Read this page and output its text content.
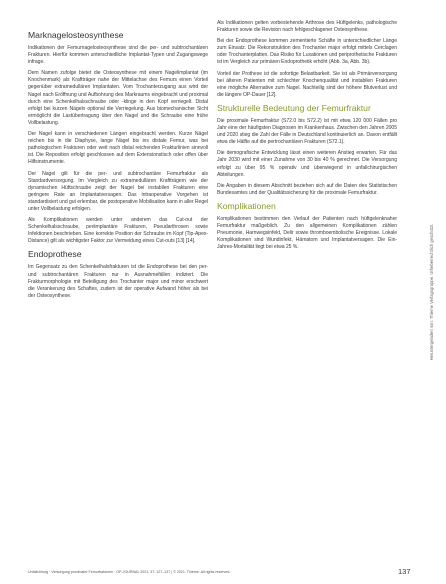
Marknagelosteosynthese

Indikationen der Femurnagelosteosynthese sind die per- und subtrochantären Frakturen. Hierfür kommen unterschiedliche Implantat-Typen und Zugangswege infrage.

Dem Namen zufolge bietet die Osteosynthese mit einem Nagelimplantat (im Knochenmark) als Kraftträger nahe der Mittelachse des Femurs einen Vorteil gegenüber extramedullären Implantaten. Vom Trochanterzugang aus wird der Nagel nach Eröffnung und Aufbohrung des Markraums eingebracht und proximal durch eine Schenkelhalsschraube oder -klinge in den Kopf verriegelt. Distal erfolgt bei kurzen Nägeln optional die Verriegelung. Aus biomechanischer Sicht ermöglicht die Lastübertragung über den Nagel und die Schraube eine frühe Vollbelastung.

Der Nagel kann in verschiedenen Längen eingebracht werden. Kurze Nägel reichen bis in die Diaphyse, lange Nägel bis ins distale Femur, was bei pathologischen Frakturen oder weit nach distal reichenden Frakturlinien sinnvoll ist. Die Reposition erfolgt geschlossen auf dem Extensionstisch oder offen über Hilfsinstrumente.

Der Nagel gilt für die per- und subtrochantäre Femurfraktur als Standardversorgung. Im Vergleich zu extramedullären Kraftträgern wie der dynamischen Hüftschraube zeigt der Nagel bei instabilen Frakturen eine geringere Rate an Implantatversagen. Das intraoperative Vorgehen ist standardisiert und gut erlernbar, die postoperative Mobilisation kann in aller Regel unter Vollbelastung erfolgen.

Als Komplikationen werden unter anderem das Cut-out der Schenkelhalsschraube, periimplantäre Frakturen, Pseudarthrosen sowie Infektionen beschrieben. Eine korrekte Position der Schraube im Kopf (Tip-Apex-Distance) gilt als wichtigster Faktor zur Vermeidung eines Cut-outs [13] [14].

Endoprothese

Im Gegensatz zu den Schenkelhalsfrakturen ist die Endoprothese bei den per- und subtrochantären Frakturen nur in Ausnahmefällen indiziert. Die Frakturmorphologie mit Beteiligung des Trochanter major und minor erschwert die Verankerung des Schaftes, zudem ist der operative Aufwand höher als bei der Osteosynthese.

Als Indikationen gelten vorbestehende Arthrose des Hüftgelenks, pathologische Frakturen sowie die Revision nach fehlgeschlagener Osteosynthese.

Bei der Endoprothese kommen zementierte Schäfte in unterschiedlicher Länge zum Einsatz. Die Rekonstruktion des Trochanter major erfolgt mittels Cerclagen oder Trochanterplatten. Das Risiko für Luxationen und periprothetische Frakturen ist im Vergleich zur primären Endoprothetik erhöht (Abb. 3a, Abb. 3b).

Vorteil der Prothese ist die sofortige Belastbarkeit. Sie ist als Primärversorgung bei älteren Patienten mit schlechter Knochenqualität und instabilen Frakturen eine mögliche Alternative zum Nagel. Nachteilig sind der höhere Blutverlust und die längere OP-Dauer [12].

Strukturelle Bedeutung der Femurfraktur

Die proximale Femurfraktur (S72.0 bis S72.2) ist mit etwa 120 000 Fällen pro Jahr eine der häufigsten Diagnosen im Krankenhaus. Zwischen den Jahren 2005 und 2020 stieg die Zahl der Fälle in Deutschland kontinuierlich an. Davon entfällt etwa die Hälfte auf die pertrochantären Frakturen (S72.1).

Die demografische Entwicklung lässt einen weiteren Anstieg erwarten. Für das Jahr 2030 wird mit einer Zunahme von 30 bis 40 % gerechnet. Die Versorgung erfolgt zu über 95 % operativ und überwiegend in unfallchirurgischen Abteilungen.

Die Angaben in diesem Abschnitt beziehen sich auf die Daten des Statistischen Bundesamtes und der Qualitätssicherung für die proximale Femurfraktur.

Komplikationen

Komplikationen bestimmen den Verlauf der Patienten nach hüftgelenknaher Femurfraktur maßgeblich. Zu den allgemeinen Komplikationen zählen Pneumonie, Harnwegsinfekt, Delir sowie thromboembolische Ereignisse. Lokale Komplikationen sind Wundinfekt, Hämatom und Implantatversagen. Die Ein-Jahres-Mortalität liegt bei etwa 25 %.

Unfallchirurg · Versorgung proximaler Femurfrakturen · OP-JOURNAL 2021; 37: 127–137 | © 2021. Thieme. All rights reserved.	137
Heruntergeladen von: Thieme Verlagsgruppe. Urheberrechtlich geschützt.
